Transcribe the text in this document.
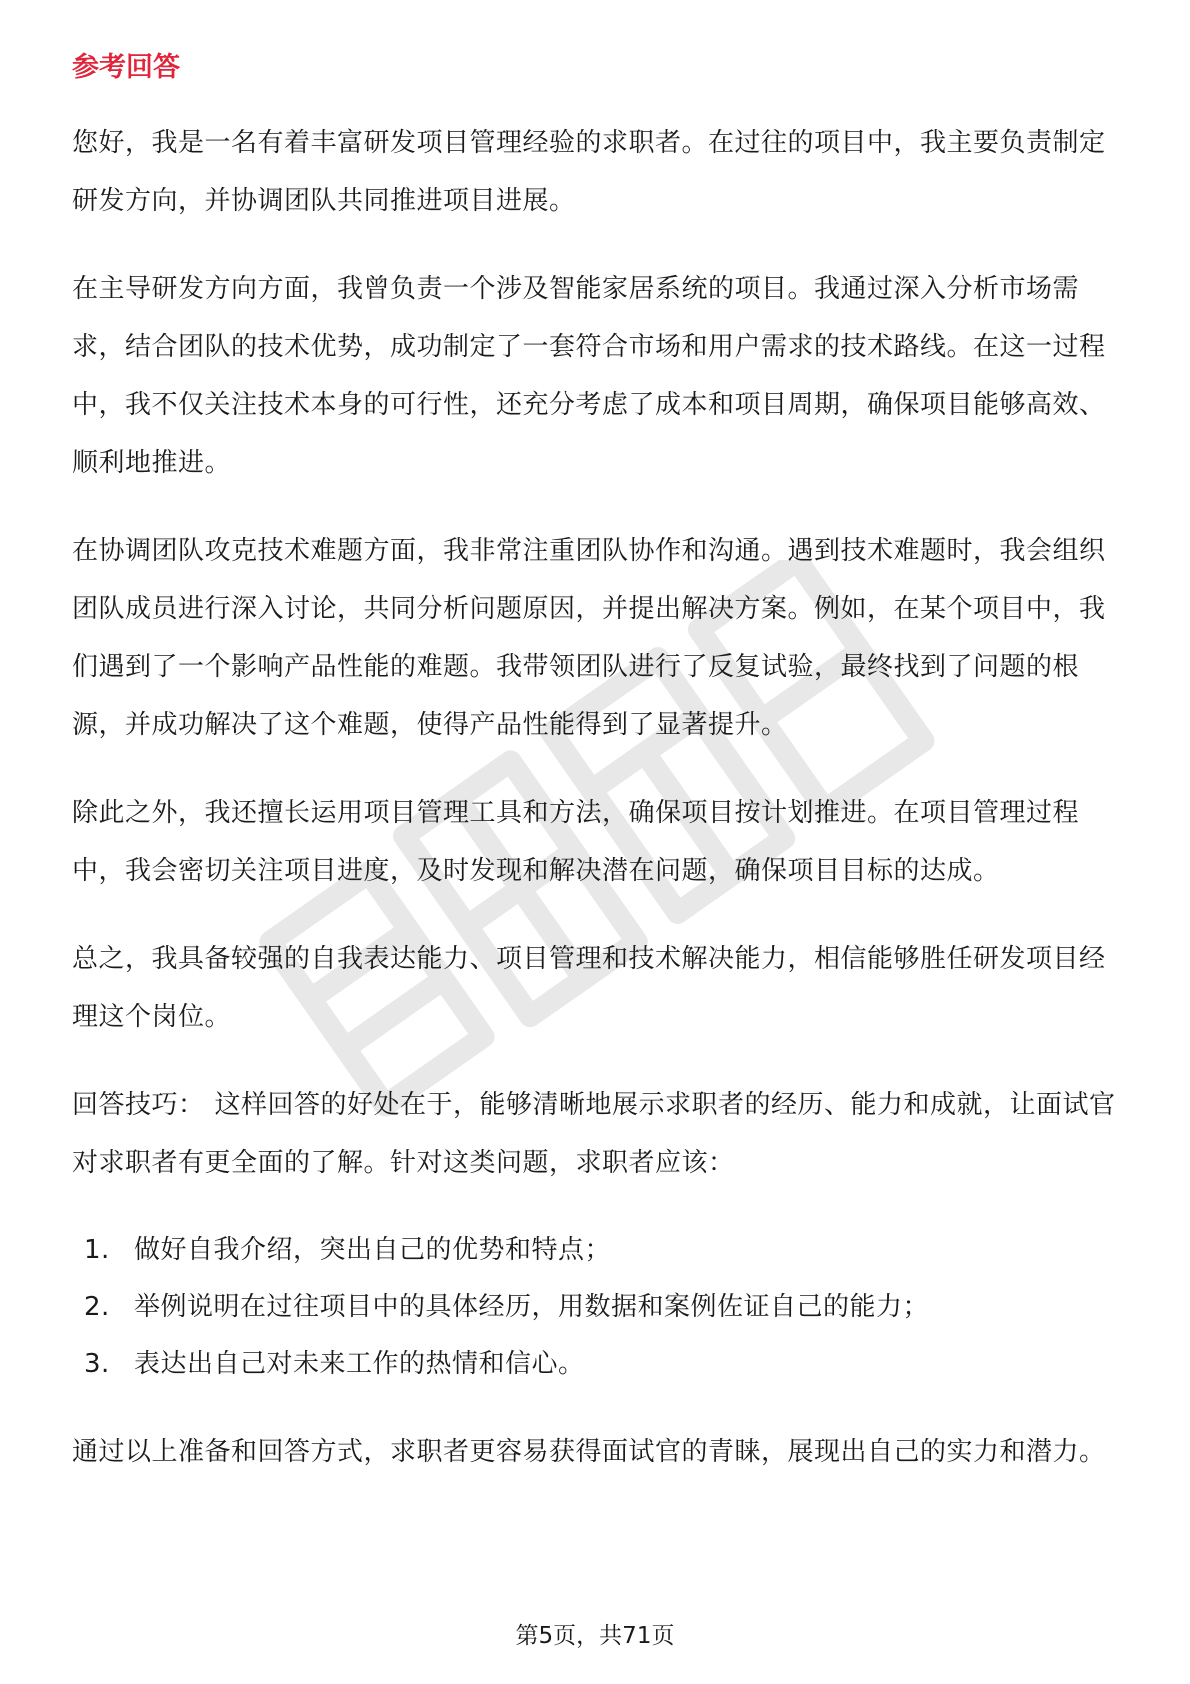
参考回答

您好，我是一名有着丰富研发项目管理经验的求职者。在过往的项目中，我主要负责制定研发方向，并协调团队共同推进项目进展。

在主导研发方向方面，我曾负责一个涉及智能家居系统的项目。我通过深入分析市场需求，结合团队的技术优势，成功制定了一套符合市场和用户需求的技术路线。在这一过程中，我不仅关注技术本身的可行性，还充分考虑了成本和项目周期，确保项目能够高效、顺利地推进。

在协调团队攻克技术难题方面，我非常注重团队协作和沟通。遇到技术难题时，我会组织团队成员进行深入讨论，共同分析问题原因，并提出解决方案。例如，在某个项目中，我们遇到了一个影响产品性能的难题。我带领团队进行了反复试验，最终找到了问题的根源，并成功解决了这个难题，使得产品性能得到了显著提升。

除此之外，我还擅长运用项目管理工具和方法，确保项目按计划推进。在项目管理过程中，我会密切关注项目进度，及时发现和解决潜在问题，确保项目目标的达成。

总之，我具备较强的自我表达能力、项目管理和技术解决能力，相信能够胜任研发项目经理这个岗位。

回答技巧： 这样回答的好处在于，能够清晰地展示求职者的经历、能力和成就，让面试官对求职者有更全面的了解。针对这类问题，求职者应该：

1. 做好自我介绍，突出自己的优势和特点；
2. 举例说明在过往项目中的具体经历，用数据和案例佐证自己的能力；
3. 表达出自己对未来工作的热情和信心。

通过以上准备和回答方式，求职者更容易获得面试官的青睐，展现出自己的实力和潜力。

第5页，共71页
